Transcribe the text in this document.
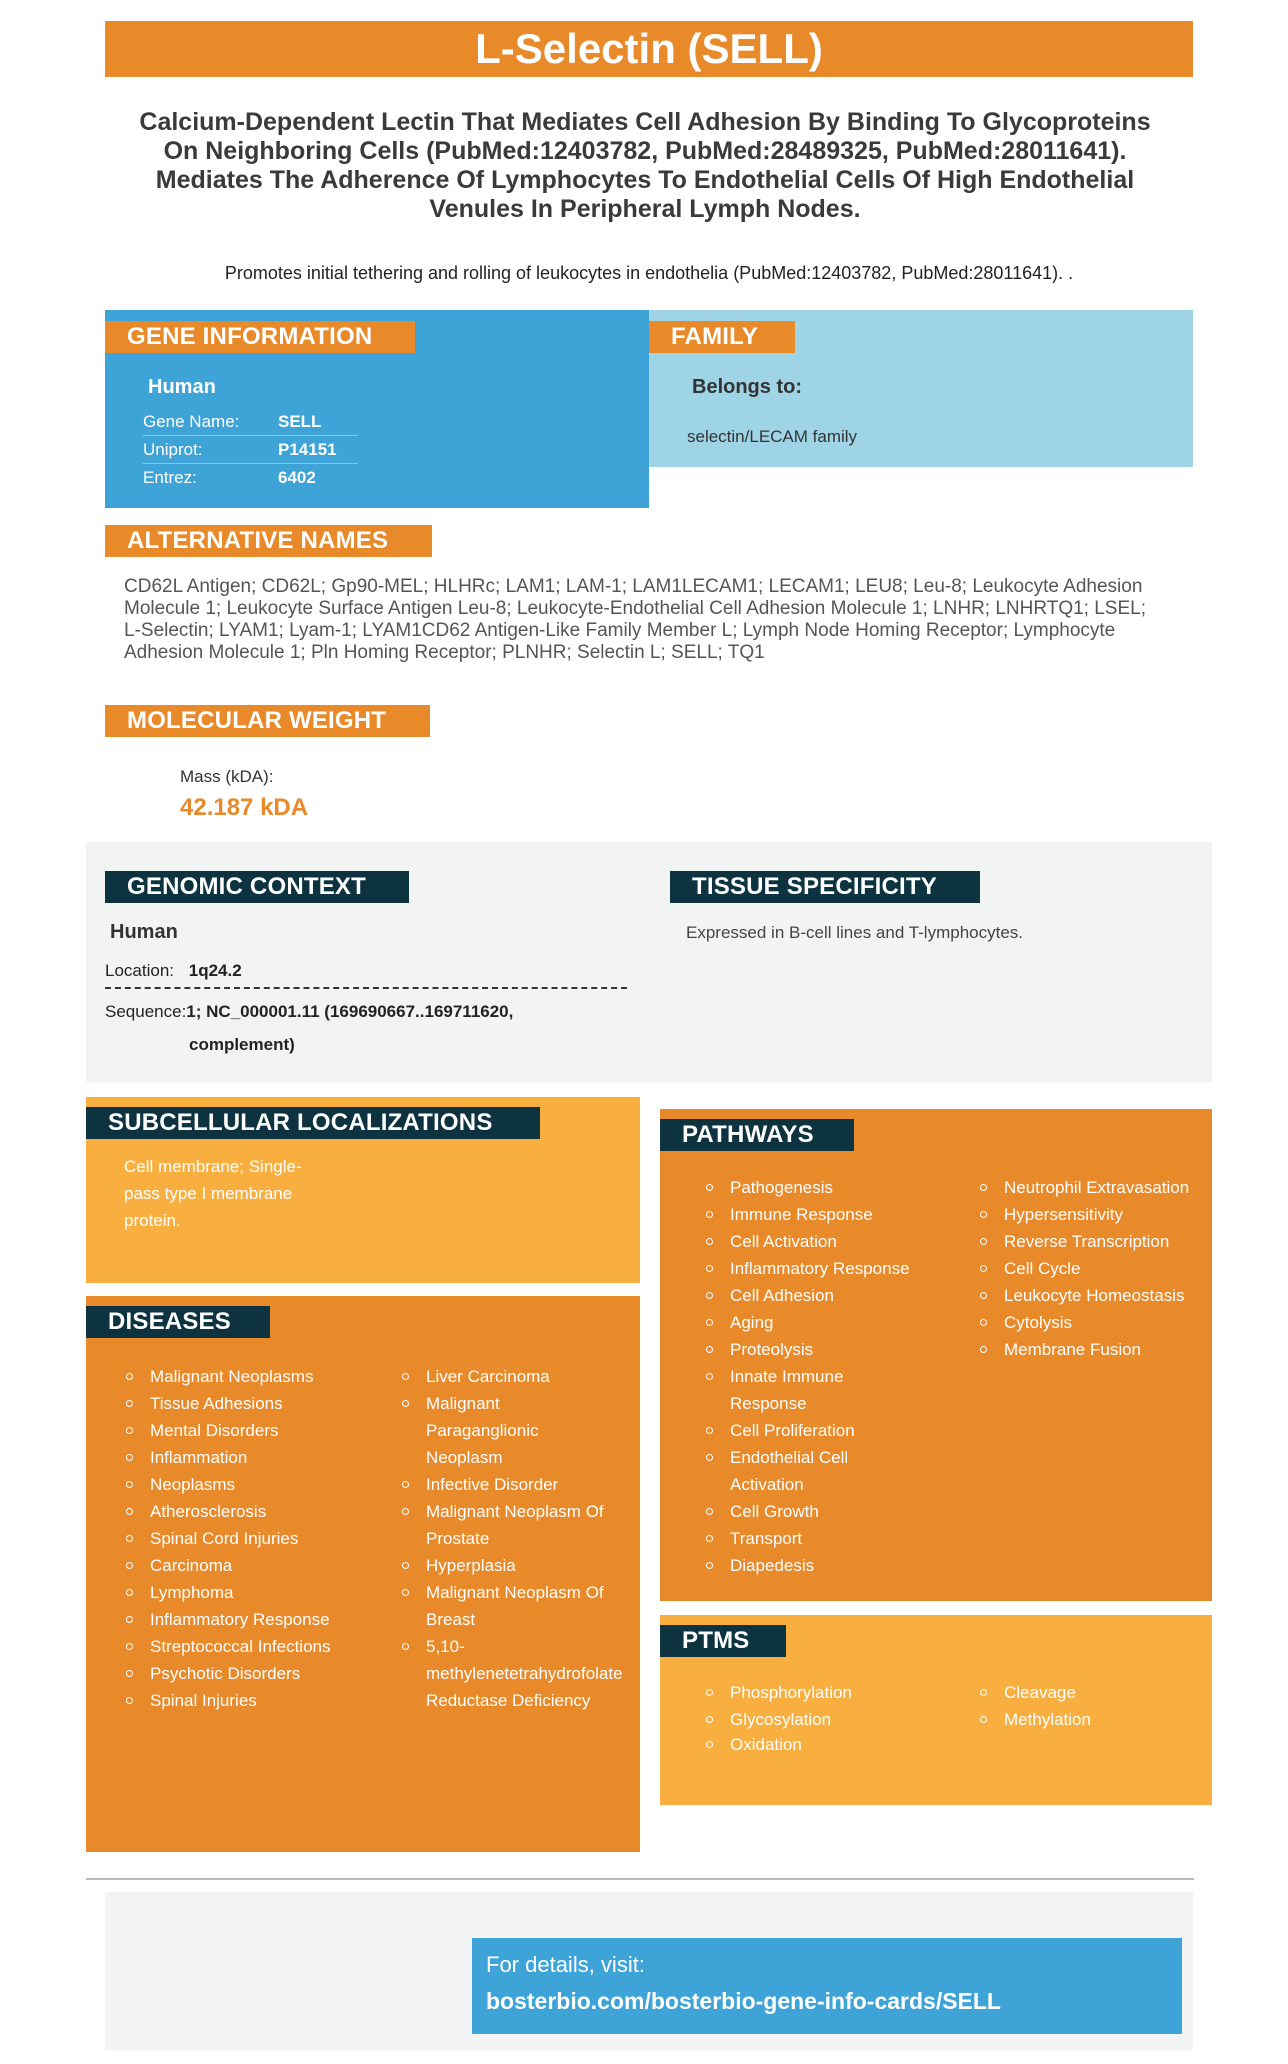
L-Selectin (SELL)
Calcium-Dependent Lectin That Mediates Cell Adhesion By Binding To Glycoproteins On Neighboring Cells (PubMed:12403782, PubMed:28489325, PubMed:28011641). Mediates The Adherence Of Lymphocytes To Endothelial Cells Of High Endothelial Venules In Peripheral Lymph Nodes.
Promotes initial tethering and rolling of leukocytes in endothelia (PubMed:12403782, PubMed:28011641). .
GENE INFORMATION
Human
Gene Name:	SELL
Uniprot:	P14151
Entrez:	6402
FAMILY
Belongs to:
selectin/LECAM family
ALTERNATIVE NAMES
CD62L Antigen; CD62L; Gp90-MEL; HLHRc; LAM1; LAM-1; LAM1LECAM1; LECAM1; LEU8; Leu-8; Leukocyte Adhesion Molecule 1; Leukocyte Surface Antigen Leu-8; Leukocyte-Endothelial Cell Adhesion Molecule 1; LNHR; LNHRTQ1; LSEL; L-Selectin; LYAM1; Lyam-1; LYAM1CD62 Antigen-Like Family Member L; Lymph Node Homing Receptor; Lymphocyte Adhesion Molecule 1; Pln Homing Receptor; PLNHR; Selectin L; SELL; TQ1
MOLECULAR WEIGHT
Mass (kDA):
42.187 kDA
GENOMIC CONTEXT
Human
Location: 1q24.2
Sequence:1; NC_000001.11 (169690667..169711620,
complement)
TISSUE SPECIFICITY
Expressed in B-cell lines and T-lymphocytes.
SUBCELLULAR LOCALIZATIONS
Cell membrane; Single-
pass type I membrane
protein.
DISEASES
Malignant Neoplasms
Tissue Adhesions
Mental Disorders
Inflammation
Neoplasms
Atherosclerosis
Spinal Cord Injuries
Carcinoma
Lymphoma
Inflammatory Response
Streptococcal Infections
Psychotic Disorders
Spinal Injuries
Liver Carcinoma
Malignant
Paraganglionic
Neoplasm
Infective Disorder
Malignant Neoplasm Of
Prostate
Hyperplasia
Malignant Neoplasm Of
Breast
5,10-
methylenetetrahydrofolate
Reductase Deficiency
PATHWAYS
Pathogenesis
Immune Response
Cell Activation
Inflammatory Response
Cell Adhesion
Aging
Proteolysis
Innate Immune
Response
Cell Proliferation
Endothelial Cell
Activation
Cell Growth
Transport
Diapedesis
Neutrophil Extravasation
Hypersensitivity
Reverse Transcription
Cell Cycle
Leukocyte Homeostasis
Cytolysis
Membrane Fusion
PTMS
Phosphorylation
Glycosylation
Oxidation
Cleavage
Methylation
For details, visit:
bosterbio.com/bosterbio-gene-info-cards/SELL
